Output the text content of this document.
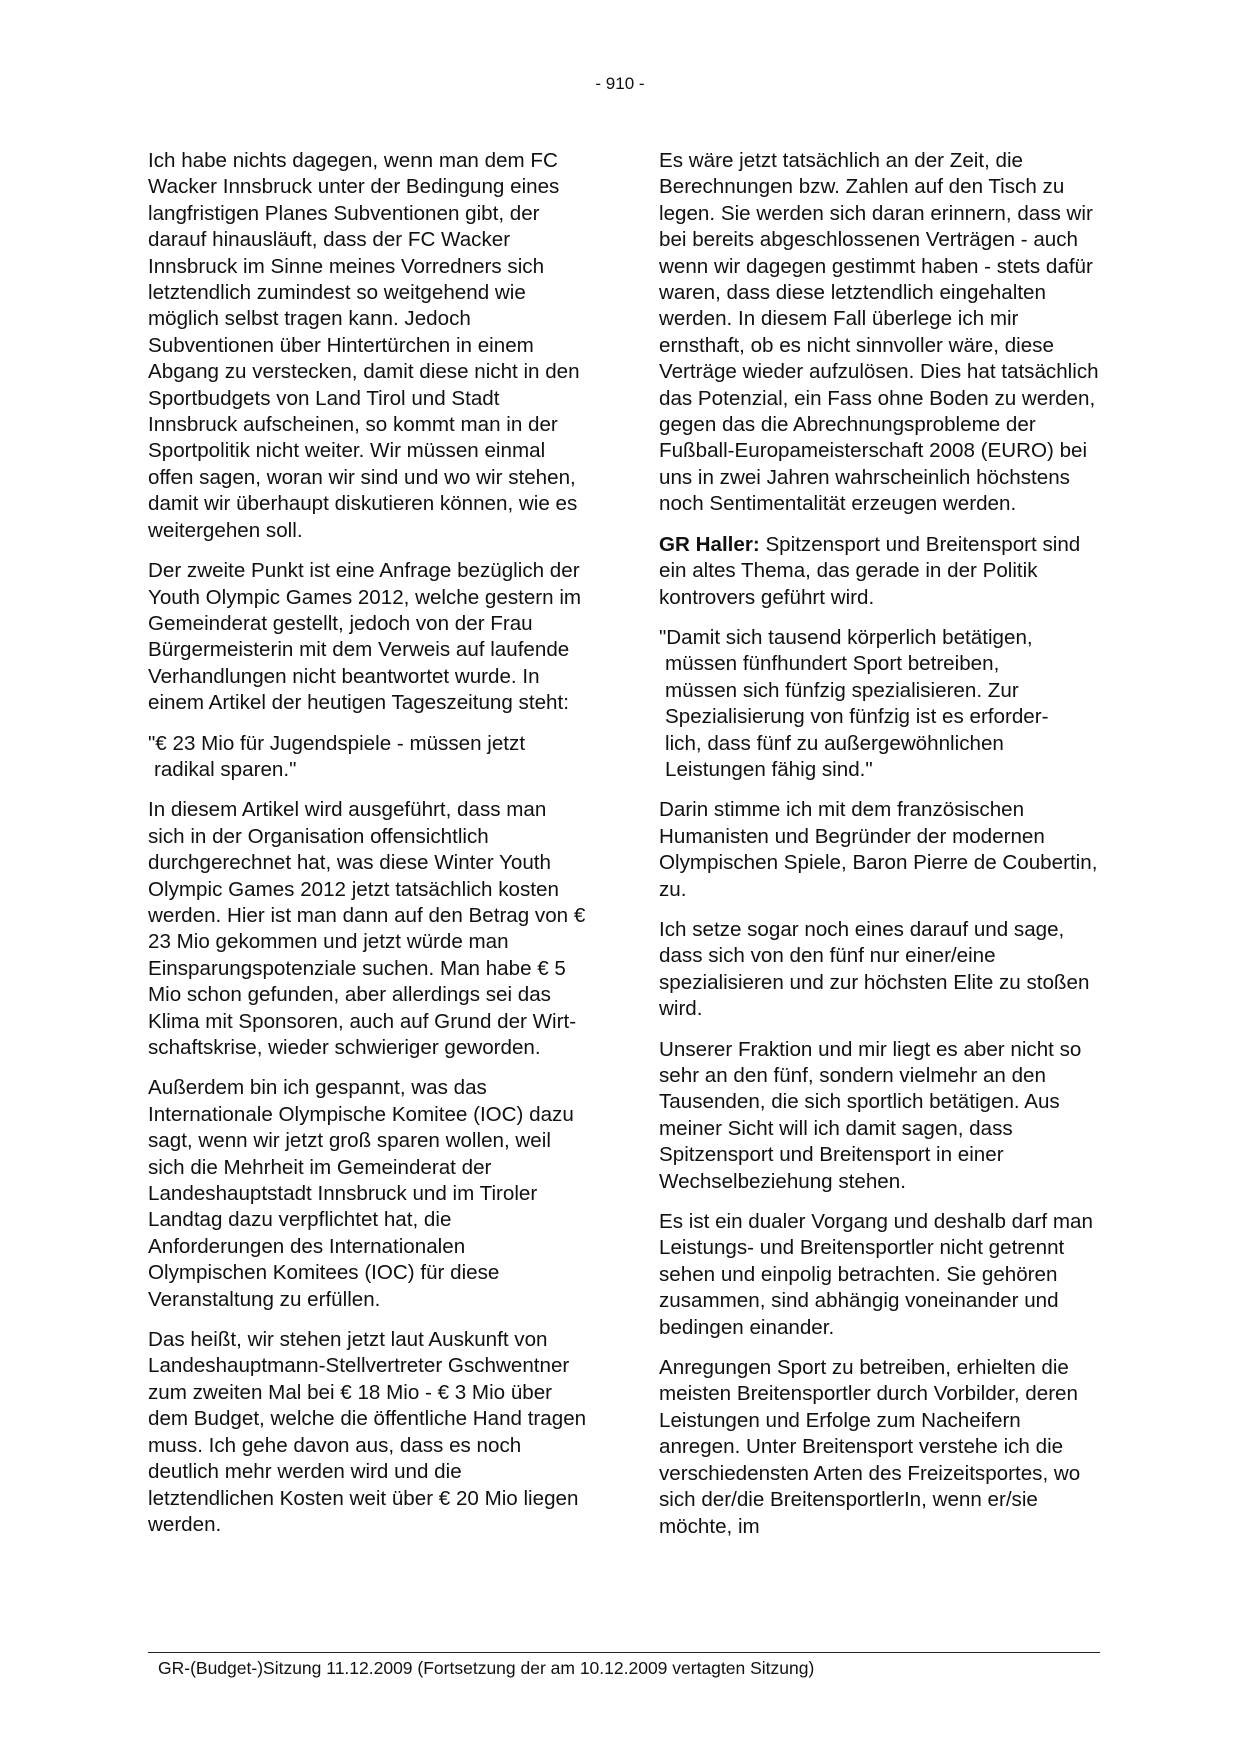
- 910 -

Ich habe nichts dagegen, wenn man dem FC Wacker Innsbruck unter der Bedingung eines langfristigen Planes Subventionen gibt, der darauf hinausläuft, dass der FC Wacker Innsbruck im Sinne meines Vorredners sich letztendlich zumindest so weitgehend wie möglich selbst tragen kann. Jedoch Subventionen über Hintertürchen in einem Abgang zu verstecken, damit diese nicht in den Sportbudgets von Land Tirol und Stadt Innsbruck aufscheinen, so kommt man in der Sportpolitik nicht weiter. Wir müssen einmal offen sagen, woran wir sind und wo wir stehen, damit wir überhaupt diskutieren können, wie es weitergehen soll.

Der zweite Punkt ist eine Anfrage bezüglich der Youth Olympic Games 2012, welche gestern im Gemeinderat gestellt, jedoch von der Frau Bürgermeisterin mit dem Verweis auf laufende Verhandlungen nicht beantwortet wurde. In einem Artikel der heutigen Tageszeitung steht:

"€ 23 Mio für Jugendspiele - müssen jetzt
radikal sparen."

In diesem Artikel wird ausgeführt, dass man sich in der Organisation offensichtlich durchgerechnet hat, was diese Winter Youth Olympic Games 2012 jetzt tatsächlich kosten werden. Hier ist man dann auf den Betrag von € 23 Mio gekommen und jetzt würde man Einsparungspotenziale suchen. Man habe € 5 Mio schon gefunden, aber allerdings sei das Klima mit Sponsoren, auch auf Grund der Wirtschaftskrise, wieder schwieriger geworden.

Außerdem bin ich gespannt, was das Internationale Olympische Komitee (IOC) dazu sagt, wenn wir jetzt groß sparen wollen, weil sich die Mehrheit im Gemeinderat der Landeshauptstadt Innsbruck und im Tiroler Landtag dazu verpflichtet hat, die Anforderungen des Internationalen Olympischen Komitees (IOC) für diese Veranstaltung zu erfüllen.

Das heißt, wir stehen jetzt laut Auskunft von Landeshauptmann-Stellvertreter Gschwentner zum zweiten Mal bei € 18 Mio - € 3 Mio über dem Budget, welche die öffentliche Hand tragen muss. Ich gehe davon aus, dass es noch deutlich mehr werden wird und die letztendlichen Kosten weit über € 20 Mio liegen werden.

Es wäre jetzt tatsächlich an der Zeit, die Berechnungen bzw. Zahlen auf den Tisch zu legen. Sie werden sich daran erinnern, dass wir bei bereits abgeschlossenen Verträgen - auch wenn wir dagegen gestimmt haben - stets dafür waren, dass diese letztendlich eingehalten werden. In diesem Fall überlege ich mir ernsthaft, ob es nicht sinnvoller wäre, diese Verträge wieder aufzulösen. Dies hat tatsächlich das Potenzial, ein Fass ohne Boden zu werden, gegen das die Abrechnungsprobleme der Fußball-Europameisterschaft 2008 (EURO) bei uns in zwei Jahren wahrscheinlich höchstens noch Sentimentalität erzeugen werden.

GR Haller: Spitzensport und Breitensport sind ein altes Thema, das gerade in der Politik kontrovers geführt wird.

"Damit sich tausend körperlich betätigen,
müssen fünfhundert Sport betreiben,
müssen sich fünfzig spezialisieren. Zur
Spezialisierung von fünfzig ist es erforder-
lich, dass fünf zu außergewöhnlichen
Leistungen fähig sind."

Darin stimme ich mit dem französischen Humanisten und Begründer der modernen Olympischen Spiele, Baron Pierre de Coubertin, zu.

Ich setze sogar noch eines darauf und sage, dass sich von den fünf nur einer/eine spezialisieren und zur höchsten Elite zu stoßen wird.

Unserer Fraktion und mir liegt es aber nicht so sehr an den fünf, sondern vielmehr an den Tausenden, die sich sportlich betätigen. Aus meiner Sicht will ich damit sagen, dass Spitzensport und Breitensport in einer Wechselbeziehung stehen.

Es ist ein dualer Vorgang und deshalb darf man Leistungs- und Breitensportler nicht getrennt sehen und einpolig betrachten. Sie gehören zusammen, sind abhängig voneinander und bedingen einander.

Anregungen Sport zu betreiben, erhielten die meisten Breitensportler durch Vorbilder, deren Leistungen und Erfolge zum Nacheifern anregen. Unter Breitensport verstehe ich die verschiedensten Arten des Freizeitsportes, wo sich der/die BreitensportlerIn, wenn er/sie möchte, im

GR-(Budget-)Sitzung 11.12.2009 (Fortsetzung der am 10.12.2009 vertagten Sitzung)
